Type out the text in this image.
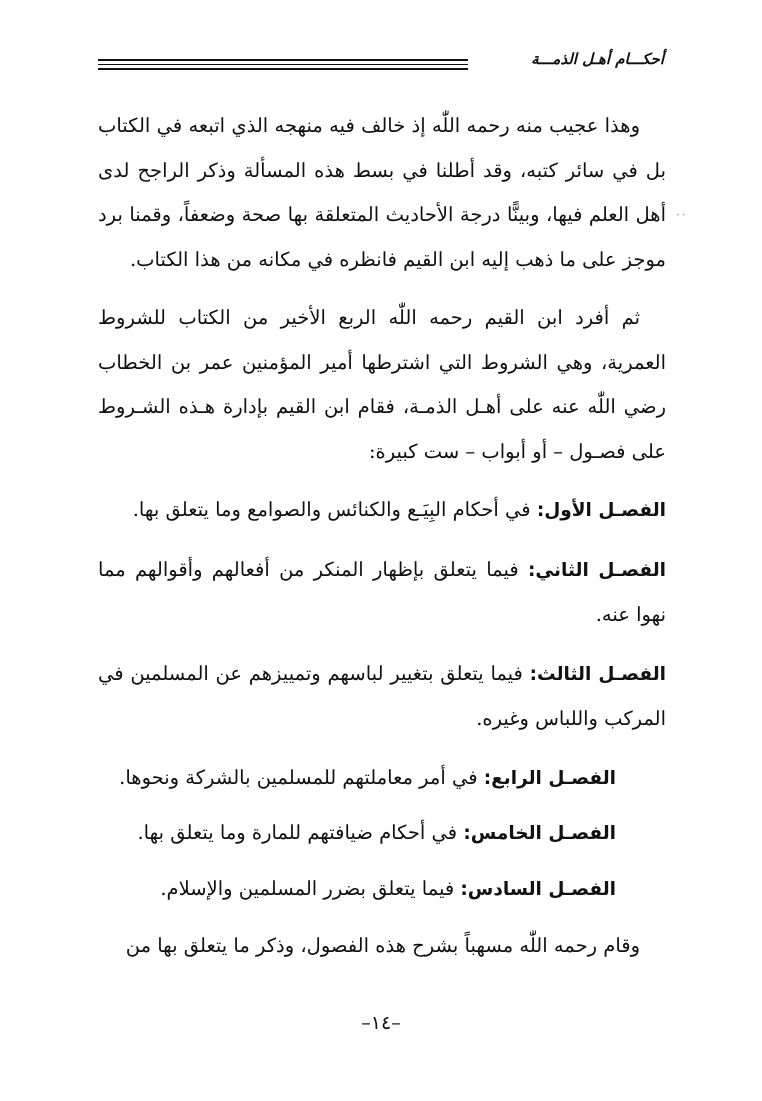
أحكـــام أهـل الذمـــة
··

وهذا عجيب منه رحمه اللّٰه إذ خالف فيه منهجه الذي اتبعه في الكتاب بل في سائر كتبه، وقد أطلنا في بسط هذه المسألة وذكر الراجح لدى أهل العلم فيها، وبينًّا درجة الأحاديث المتعلقة بها صحة وضعفاً، وقمنا برد موجز على ما ذهب إليه ابن القيم فانظره في مكانه من هذا الكتاب.

ثم أفرد ابن القيم رحمه اللّٰه الربع الأخير من الكتاب للشروط العمرية، وهي الشروط التي اشترطها أمير المؤمنين عمر بن الخطاب رضي اللّٰه عنه على أهـل الذمـة، فقام ابن القيم بإدارة هـذه الشـروط على فصـول – أو أبواب – ست كبيرة:

الفصـل الأول: في أحكام البِيَـع والكنائس والصوامع وما يتعلق بها.

الفصـل الثاني: فيما يتعلق بإظهار المنكر من أفعالهم وأقوالهم مما نهوا عنه.

الفصـل الثالث: فيما يتعلق بتغيير لباسهم وتمييزهم عن المسلمين في المركب واللباس وغيره.

الفصـل الرابع: في أمر معاملتهم للمسلمين بالشركة ونحوها.

الفصـل الخامس: في أحكام ضيافتهم للمارة وما يتعلق بها.

الفصـل السادس: فيما يتعلق بضرر المسلمين والإسلام.

وقام رحمه اللّٰه مسهباً بشرح هذه الفصول، وذكر ما يتعلق بها من

–١٤–
